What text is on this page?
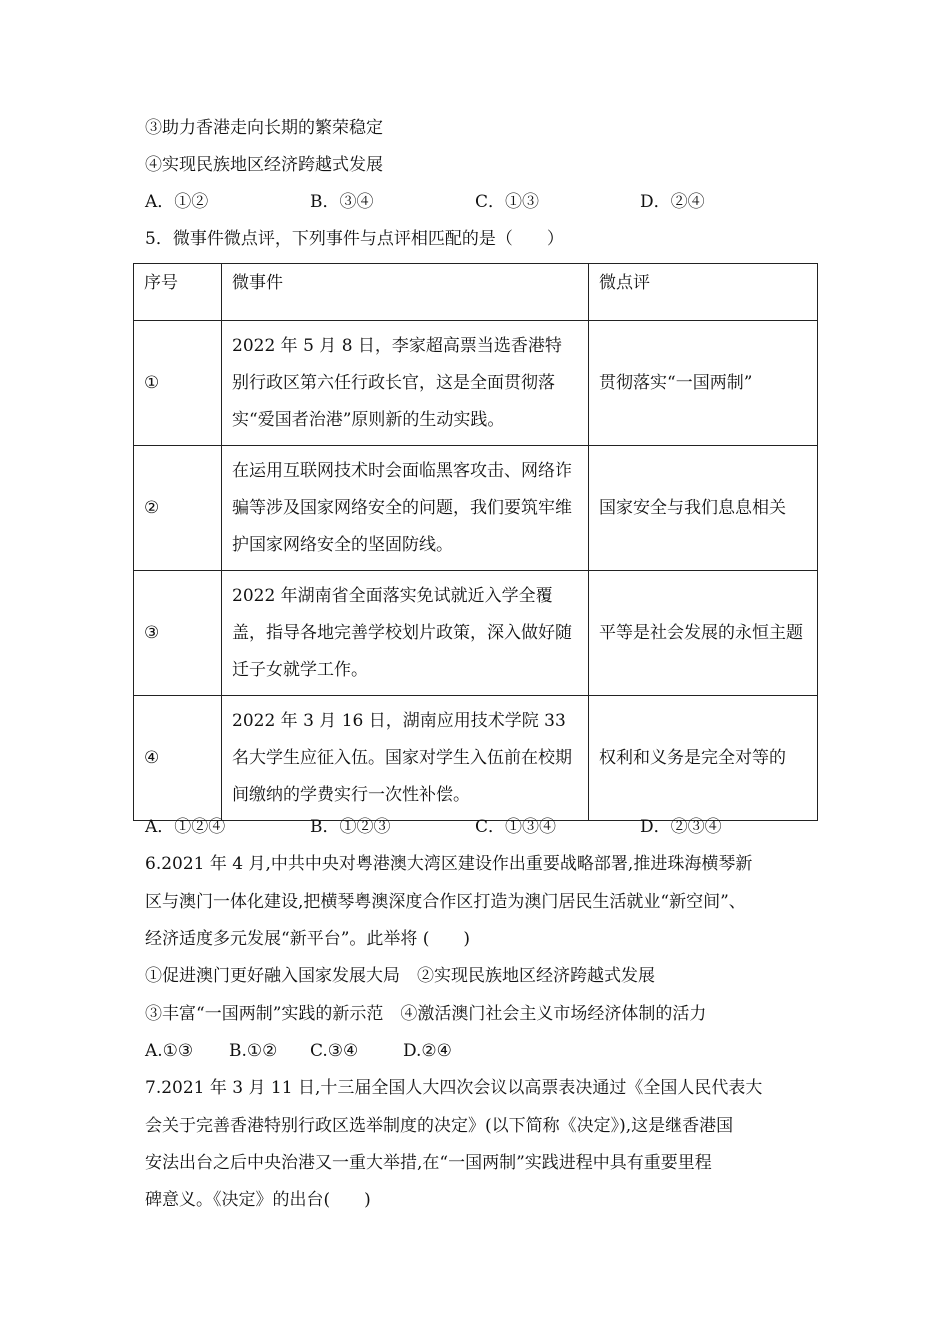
③助力香港走向长期的繁荣稳定
④实现民族地区经济跨越式发展
A．①②	B．③④	C．①③	D．②④
5．微事件微点评，下列事件与点评相匹配的是（　　）
序号	微事件	微点评
①	2022 年 5 月 8 日，李家超高票当选香港特别行政区第六任行政长官，这是全面贯彻落实“爱国者治港”原则新的生动实践。	贯彻落实“一国两制”

②	在运用互联网技术时会面临黑客攻击、网络诈骗等涉及国家网络安全的问题，我们要筑牢维护国家网络安全的坚固防线。	国家安全与我们息息相关

③	2022 年湖南省全面落实免试就近入学全覆盖，指导各地完善学校划片政策，深入做好随迁子女就学工作。	平等是社会发展的永恒主题

④	2022 年 3 月 16 日，湖南应用技术学院 33 名大学生应征入伍。国家对学生入伍前在校期间缴纳的学费实行一次性补偿。	权利和义务是完全对等的
A．①②④	B．①②③	C．①③④	D．②③④
6.2021 年 4 月,中共中央对粤港澳大湾区建设作出重要战略部署,推进珠海横琴新
区与澳门一体化建设,把横琴粤澳深度合作区打造为澳门居民生活就业“新空间”、
经济适度多元发展“新平台”。此举将 (　　)
①促进澳门更好融入国家发展大局　②实现民族地区经济跨越式发展
③丰富“一国两制”实践的新示范　④激活澳门社会主义市场经济体制的活力
A.①③ B.①② C.③④	D.②④
7.2021 年 3 月 11 日,十三届全国人大四次会议以高票表决通过《全国人民代表大
会关于完善香港特别行政区选举制度的决定》(以下简称《决定》),这是继香港国
安法出台之后中央治港又一重大举措,在“一国两制”实践进程中具有重要里程
碑意义。《决定》的出台(　　)
